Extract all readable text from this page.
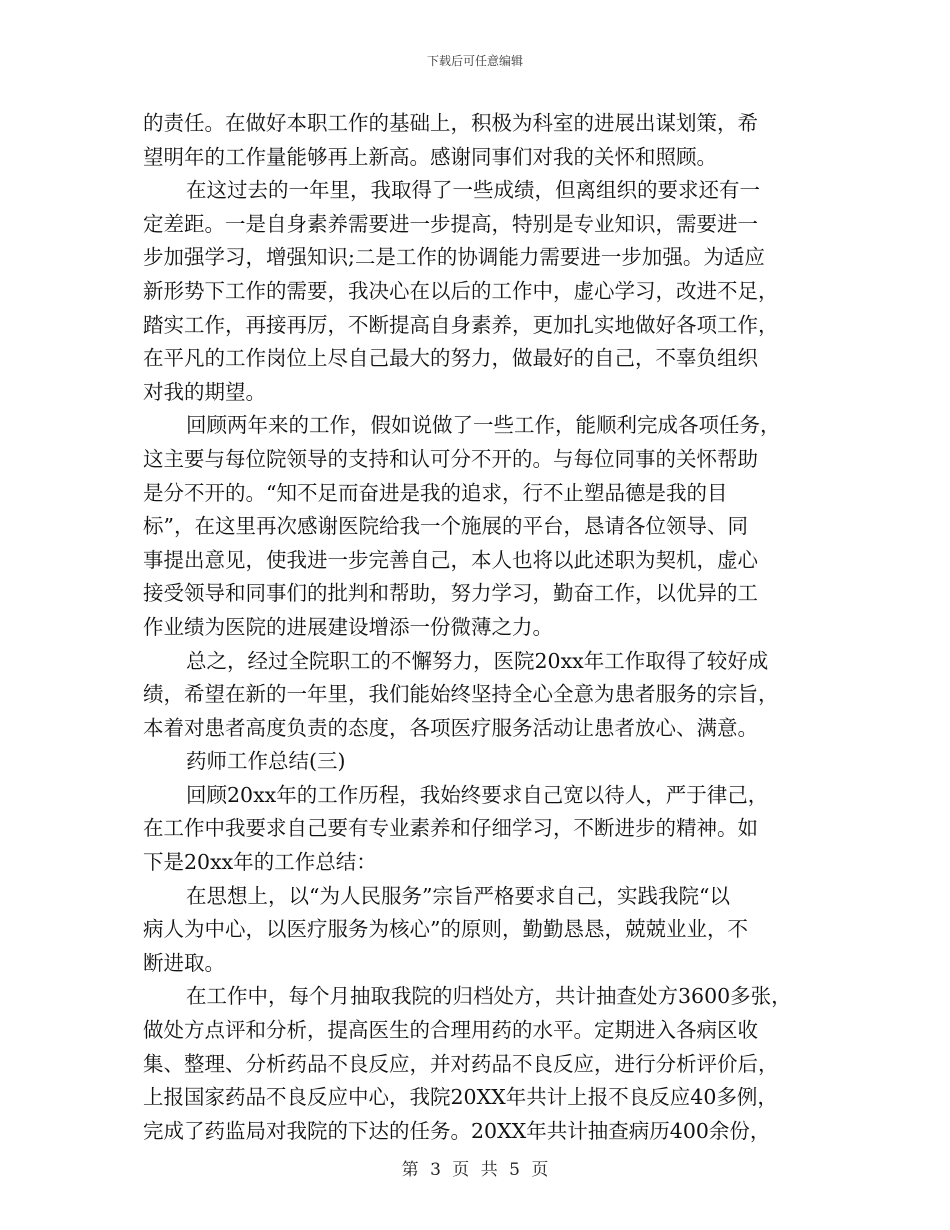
下载后可任意编辑
的责任。在做好本职工作的基础上，积极为科室的进展出谋划策，希
望明年的工作量能够再上新高。感谢同事们对我的关怀和照顾。
在这过去的一年里，我取得了一些成绩，但离组织的要求还有一
定差距。一是自身素养需要进一步提高，特别是专业知识，需要进一
步加强学习，增强知识;二是工作的协调能力需要进一步加强。为适应
新形势下工作的需要，我决心在以后的工作中，虚心学习，改进不足，
踏实工作，再接再厉，不断提高自身素养，更加扎实地做好各项工作，
在平凡的工作岗位上尽自己最大的努力，做最好的自己，不辜负组织
对我的期望。
回顾两年来的工作，假如说做了一些工作，能顺利完成各项任务，
这主要与每位院领导的支持和认可分不开的。与每位同事的关怀帮助
是分不开的。“知不足而奋进是我的追求，行不止塑品德是我的目
标”，在这里再次感谢医院给我一个施展的平台，恳请各位领导、同
事提出意见，使我进一步完善自己，本人也将以此述职为契机，虚心
接受领导和同事们的批判和帮助，努力学习，勤奋工作，以优异的工
作业绩为医院的进展建设增添一份微薄之力。
总之，经过全院职工的不懈努力，医院20xx年工作取得了较好成
绩，希望在新的一年里，我们能始终坚持全心全意为患者服务的宗旨，
本着对患者高度负责的态度，各项医疗服务活动让患者放心、满意。
药师工作总结(三)
回顾20xx年的工作历程，我始终要求自己宽以待人，严于律己，
在工作中我要求自己要有专业素养和仔细学习，不断进步的精神。如
下是20xx年的工作总结：
在思想上，以“为人民服务”宗旨严格要求自己，实践我院“以
病人为中心，以医疗服务为核心”的原则，勤勤恳恳，兢兢业业，不
断进取。
在工作中，每个月抽取我院的归档处方，共计抽查处方3600多张，
做处方点评和分析，提高医生的合理用药的水平。定期进入各病区收
集、整理、分析药品不良反应，并对药品不良反应，进行分析评价后，
上报国家药品不良反应中心，我院20XX年共计上报不良反应40多例，
完成了药监局对我院的下达的任务。20XX年共计抽查病历400余份，
第 3 页 共 5 页
